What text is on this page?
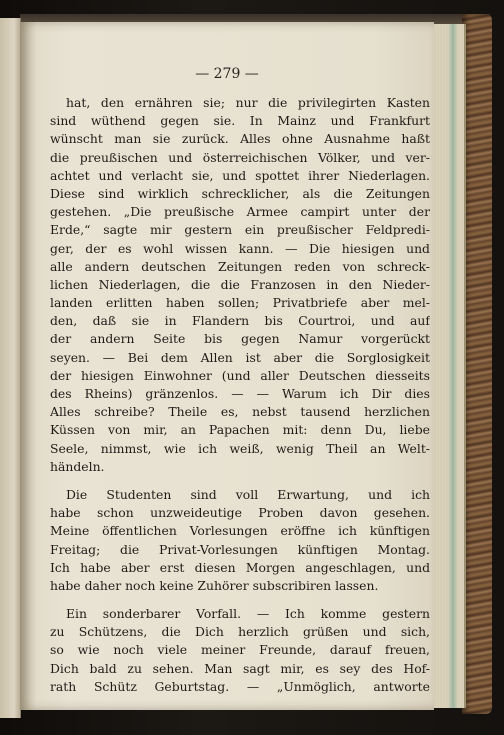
— 279 —
hat, den ernähren sie; nur die privilegirten Kasten
sind wüthend gegen sie. In Mainz und Frankfurt
wünscht man sie zurück. Alles ohne Ausnahme haßt
die preußischen und österreichischen Völker, und ver-
achtet und verlacht sie, und spottet ihrer Niederlagen.
Diese sind wirklich schrecklicher, als die Zeitungen
gestehen. „Die preußische Armee campirt unter der
Erde,“ sagte mir gestern ein preußischer Feldpredi-
ger, der es wohl wissen kann. — Die hiesigen und
alle andern deutschen Zeitungen reden von schreck-
lichen Niederlagen, die die Franzosen in den Nieder-
landen erlitten haben sollen; Privatbriefe aber mel-
den, daß sie in Flandern bis Courtroi, und auf
der andern Seite bis gegen Namur vorgerückt
seyen. — Bei dem Allen ist aber die Sorglosigkeit
der hiesigen Einwohner (und aller Deutschen diesseits
des Rheins) gränzenlos. — — Warum ich Dir dies
Alles schreibe? Theile es, nebst tausend herzlichen
Küssen von mir, an Papachen mit: denn Du, liebe
Seele, nimmst, wie ich weiß, wenig Theil an Welt-
händeln.
Die Studenten sind voll Erwartung, und ich
habe schon unzweideutige Proben davon gesehen.
Meine öffentlichen Vorlesungen eröffne ich künftigen
Freitag; die Privat-Vorlesungen künftigen Montag.
Ich habe aber erst diesen Morgen angeschlagen, und
habe daher noch keine Zuhörer subscribiren lassen.
Ein sonderbarer Vorfall. — Ich komme gestern
zu Schützens, die Dich herzlich grüßen und sich,
so wie noch viele meiner Freunde, darauf freuen,
Dich bald zu sehen. Man sagt mir, es sey des Hof-
rath Schütz Geburtstag. — „Unmöglich, antworte
